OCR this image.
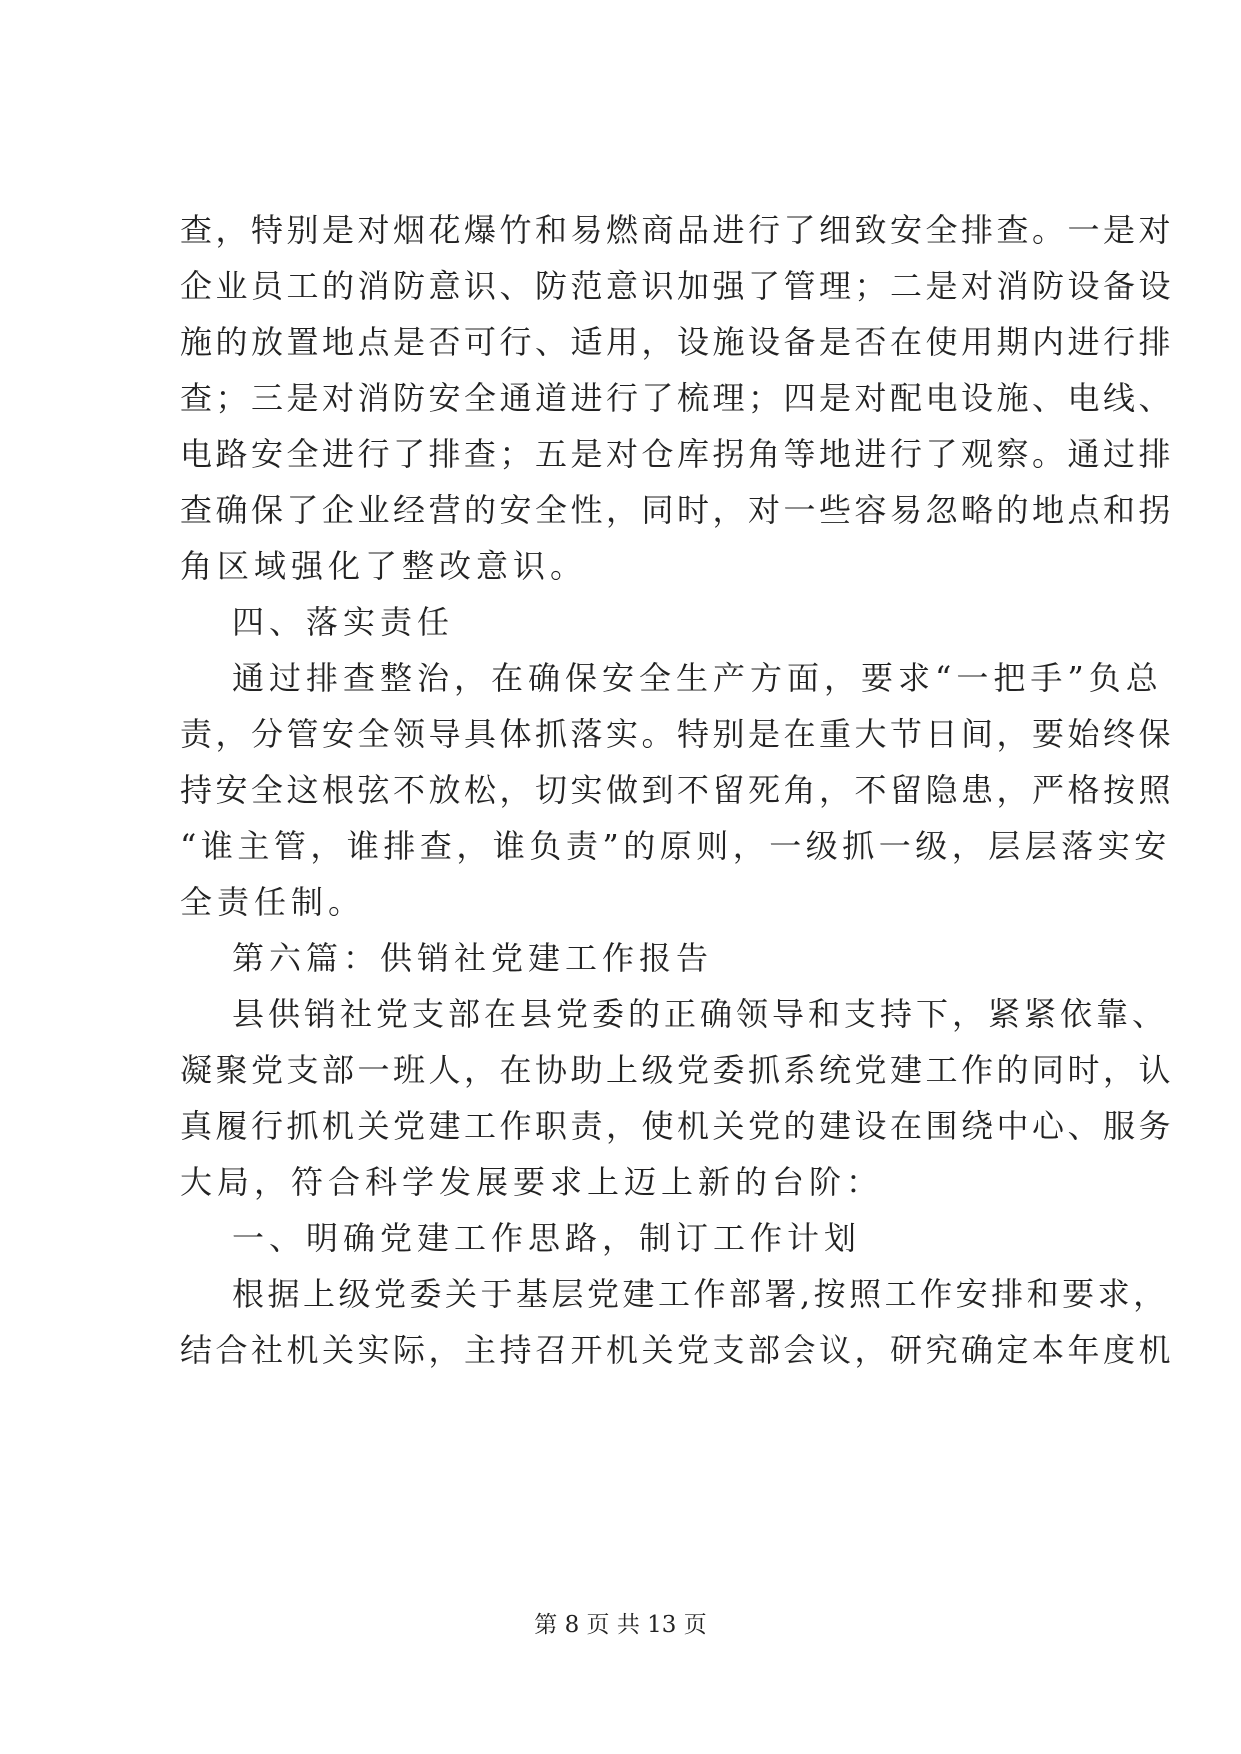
查，特别是对烟花爆竹和易燃商品进行了细致安全排查。一是对
企业员工的消防意识、防范意识加强了管理；二是对消防设备设
施的放置地点是否可行、适用，设施设备是否在使用期内进行排
查；三是对消防安全通道进行了梳理；四是对配电设施、电线、
电路安全进行了排查；五是对仓库拐角等地进行了观察。通过排
查确保了企业经营的安全性，同时，对一些容易忽略的地点和拐
角区域强化了整改意识。
四、落实责任
通过排查整治，在确保安全生产方面，要求“一把手”负总
责，分管安全领导具体抓落实。特别是在重大节日间，要始终保
持安全这根弦不放松，切实做到不留死角，不留隐患，严格按照
“谁主管，谁排查，谁负责”的原则，一级抓一级，层层落实安
全责任制。
第六篇：供销社党建工作报告
县供销社党支部在县党委的正确领导和支持下，紧紧依靠、
凝聚党支部一班人，在协助上级党委抓系统党建工作的同时，认
真履行抓机关党建工作职责，使机关党的建设在围绕中心、服务
大局，符合科学发展要求上迈上新的台阶：
一、明确党建工作思路，制订工作计划
根据上级党委关于基层党建工作部署,按照工作安排和要求，
结合社机关实际，主持召开机关党支部会议，研究确定本年度机
第 8 页 共 13 页
